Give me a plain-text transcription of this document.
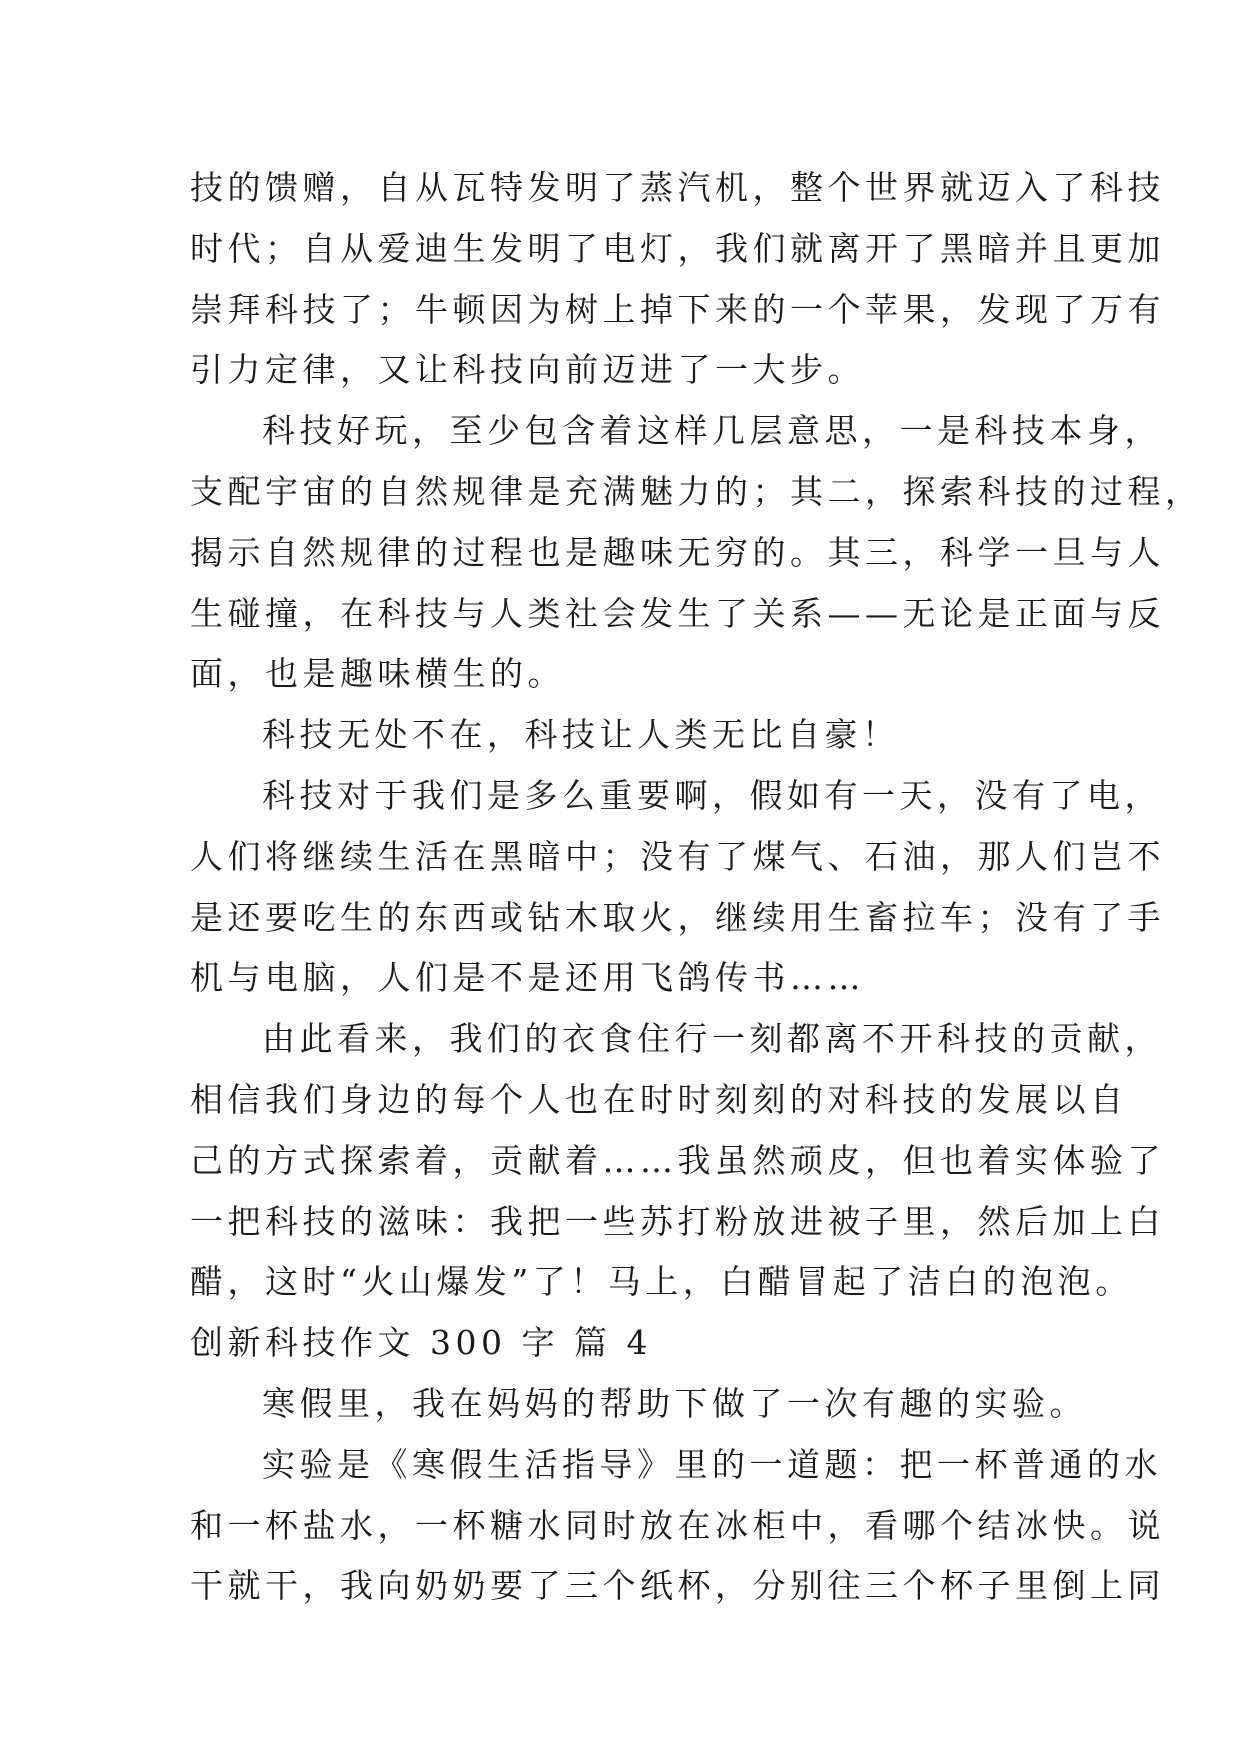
技的馈赠，自从瓦特发明了蒸汽机，整个世界就迈入了科技
时代；自从爱迪生发明了电灯，我们就离开了黑暗并且更加
崇拜科技了；牛顿因为树上掉下来的一个苹果，发现了万有
引力定律，又让科技向前迈进了一大步。
科技好玩，至少包含着这样几层意思，一是科技本身，
支配宇宙的自然规律是充满魅力的；其二，探索科技的过程，
揭示自然规律的过程也是趣味无穷的。其三，科学一旦与人
生碰撞，在科技与人类社会发生了关系——无论是正面与反
面，也是趣味横生的。
科技无处不在，科技让人类无比自豪！
科技对于我们是多么重要啊，假如有一天，没有了电，
人们将继续生活在黑暗中；没有了煤气、石油，那人们岂不
是还要吃生的东西或钻木取火，继续用生畜拉车；没有了手
机与电脑，人们是不是还用飞鸽传书……
由此看来，我们的衣食住行一刻都离不开科技的贡献，
相信我们身边的每个人也在时时刻刻的对科技的发展以自
己的方式探索着，贡献着……我虽然顽皮，但也着实体验了
一把科技的滋味：我把一些苏打粉放进被子里，然后加上白
醋，这时“火山爆发”了！马上，白醋冒起了洁白的泡泡。
创新科技作文 300 字 篇 4
寒假里，我在妈妈的帮助下做了一次有趣的实验。
实验是《寒假生活指导》里的一道题：把一杯普通的水
和一杯盐水，一杯糖水同时放在冰柜中，看哪个结冰快。说
干就干，我向奶奶要了三个纸杯，分别往三个杯子里倒上同
